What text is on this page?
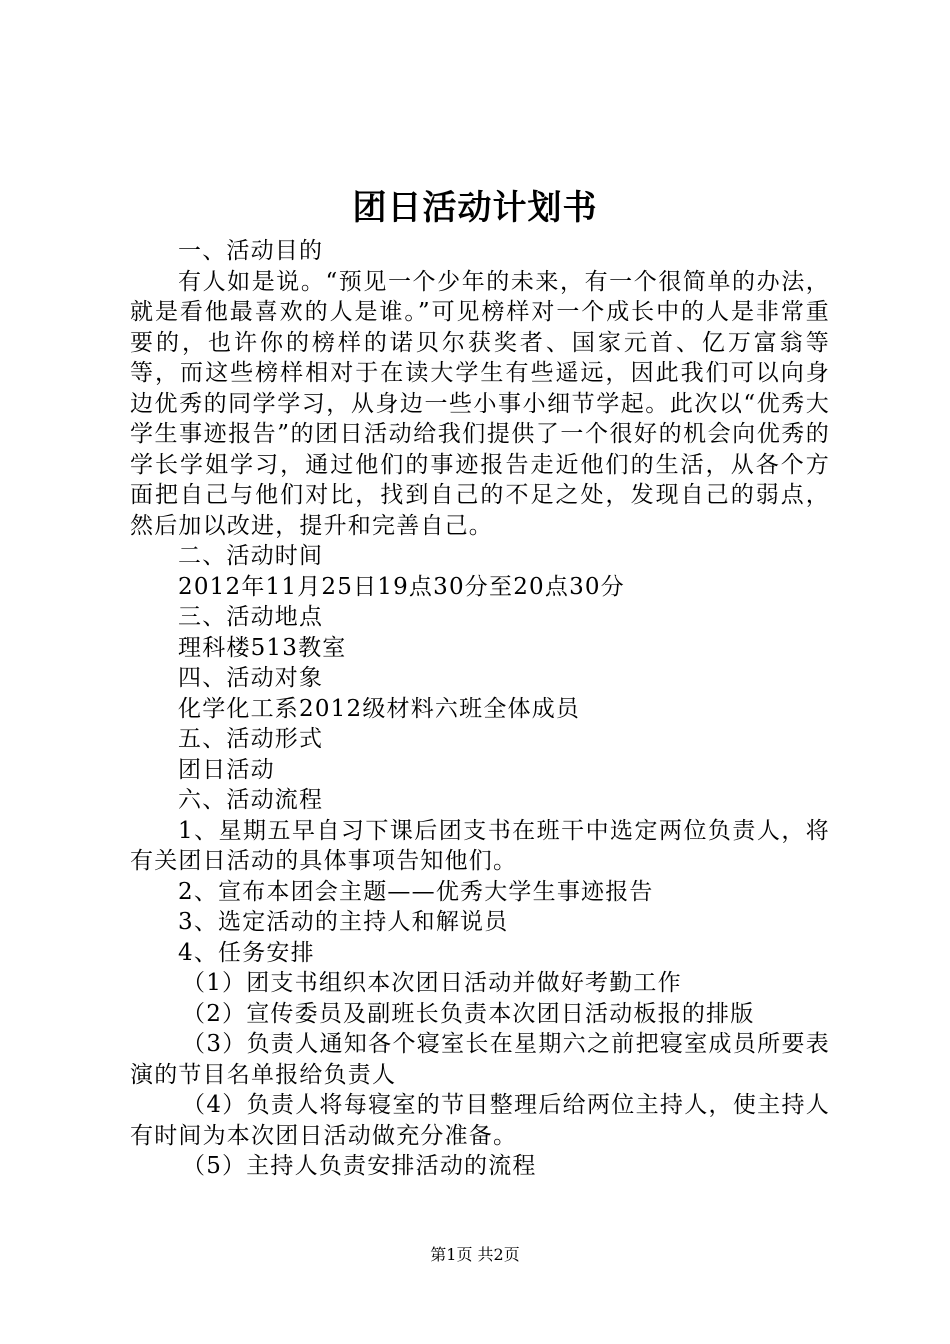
团日活动计划书

一、活动目的

有人如是说。“预见一个少年的未来，有一个很简单的办法，就是看他最喜欢的人是谁。”可见榜样对一个成长中的人是非常重要的，也许你的榜样的诺贝尔获奖者、国家元首、亿万富翁等等，而这些榜样相对于在读大学生有些遥远，因此我们可以向身边优秀的同学学习，从身边一些小事小细节学起。此次以“优秀大学生事迹报告”的团日活动给我们提供了一个很好的机会向优秀的学长学姐学习，通过他们的事迹报告走近他们的生活，从各个方面把自己与他们对比，找到自己的不足之处，发现自己的弱点，然后加以改进，提升和完善自己。

二、活动时间

2012年11月25日19点30分至20点30分

三、活动地点

理科楼513教室

四、活动对象

化学化工系2012级材料六班全体成员

五、活动形式

团日活动

六、活动流程

1、星期五早自习下课后团支书在班干中选定两位负责人，将有关团日活动的具体事项告知他们。

2、宣布本团会主题——优秀大学生事迹报告

3、选定活动的主持人和解说员

4、任务安排

（1）团支书组织本次团日活动并做好考勤工作

（2）宣传委员及副班长负责本次团日活动板报的排版

（3）负责人通知各个寝室长在星期六之前把寝室成员所要表演的节目名单报给负责人

（4）负责人将每寝室的节目整理后给两位主持人，使主持人有时间为本次团日活动做充分准备。

（5）主持人负责安排活动的流程

第1页 共2页
